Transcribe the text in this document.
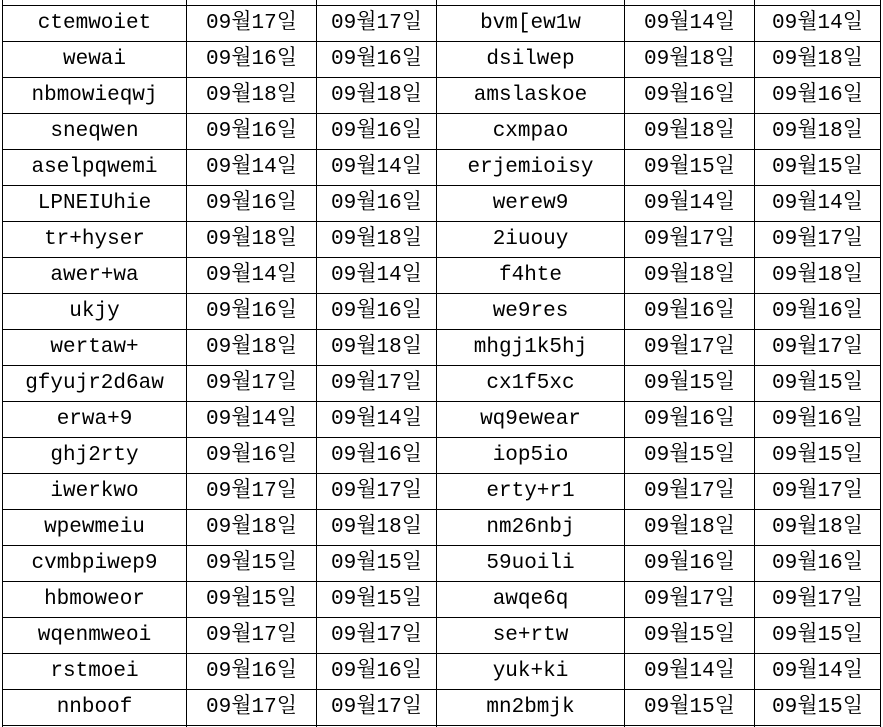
ctemwoiet	09월17일	09월17일	bvm[ew1w	09월14일	09월14일
wewai	09월16일	09월16일	dsilwep	09월18일	09월18일
nbmowieqwj	09월18일	09월18일	amslaskoe	09월16일	09월16일
sneqwen	09월16일	09월16일	cxmpao	09월18일	09월18일
aselpqwemi	09월14일	09월14일	erjemioisy	09월15일	09월15일
LPNEIUhie	09월16일	09월16일	werew9	09월14일	09월14일
tr+hyser	09월18일	09월18일	2iuouy	09월17일	09월17일
awer+wa	09월14일	09월14일	f4hte	09월18일	09월18일
ukjy	09월16일	09월16일	we9res	09월16일	09월16일
wertaw+	09월18일	09월18일	mhgj1k5hj	09월17일	09월17일
gfyujr2d6aw	09월17일	09월17일	cx1f5xc	09월15일	09월15일
erwa+9	09월14일	09월14일	wq9ewear	09월16일	09월16일
ghj2rty	09월16일	09월16일	iop5io	09월15일	09월15일
iwerkwo	09월17일	09월17일	erty+r1	09월17일	09월17일
wpewmeiu	09월18일	09월18일	nm26nbj	09월18일	09월18일
cvmbpiwep9	09월15일	09월15일	59uoili	09월16일	09월16일
hbmoweor	09월15일	09월15일	awqe6q	09월17일	09월17일
wqenmweoi	09월17일	09월17일	se+rtw	09월15일	09월15일
rstmoei	09월16일	09월16일	yuk+ki	09월14일	09월14일
nnboof	09월17일	09월17일	mn2bmjk	09월15일	09월15일
